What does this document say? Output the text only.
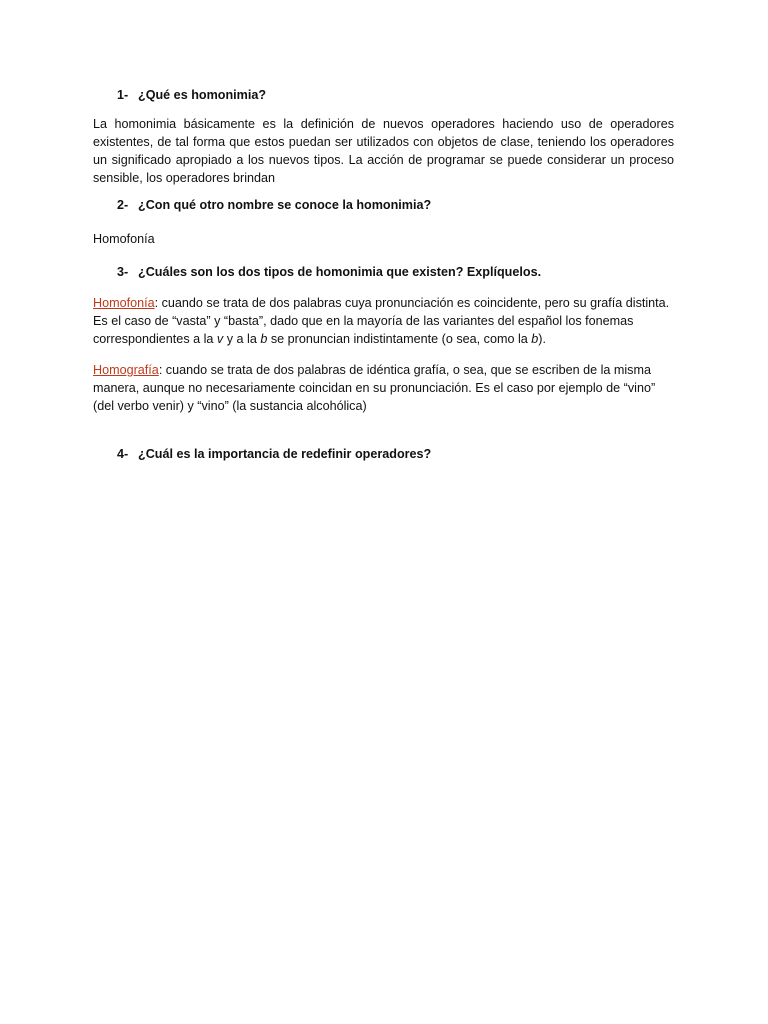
1- ¿Qué es homonimia?

La homonimia básicamente es la definición de nuevos operadores haciendo uso de operadores existentes, de tal forma que estos puedan ser utilizados con objetos de clase, teniendo los operadores un significado apropiado a los nuevos tipos. La acción de programar se puede considerar un proceso sensible, los operadores brindan

2- ¿Con qué otro nombre se conoce la homonimia?

Homofonía

3- ¿Cuáles son los dos tipos de homonimia que existen? Explíquelos.

Homofonía: cuando se trata de dos palabras cuya pronunciación es coincidente, pero su grafía distinta. Es el caso de “vasta” y “basta”, dado que en la mayoría de las variantes del español los fonemas correspondientes a la v y a la b se pronuncian indistintamente (o sea, como la b).

Homografía: cuando se trata de dos palabras de idéntica grafía, o sea, que se escriben de la misma manera, aunque no necesariamente coincidan en su pronunciación. Es el caso por ejemplo de “vino” (del verbo venir) y “vino” (la sustancia alcohólica)

4- ¿Cuál es la importancia de redefinir operadores?
